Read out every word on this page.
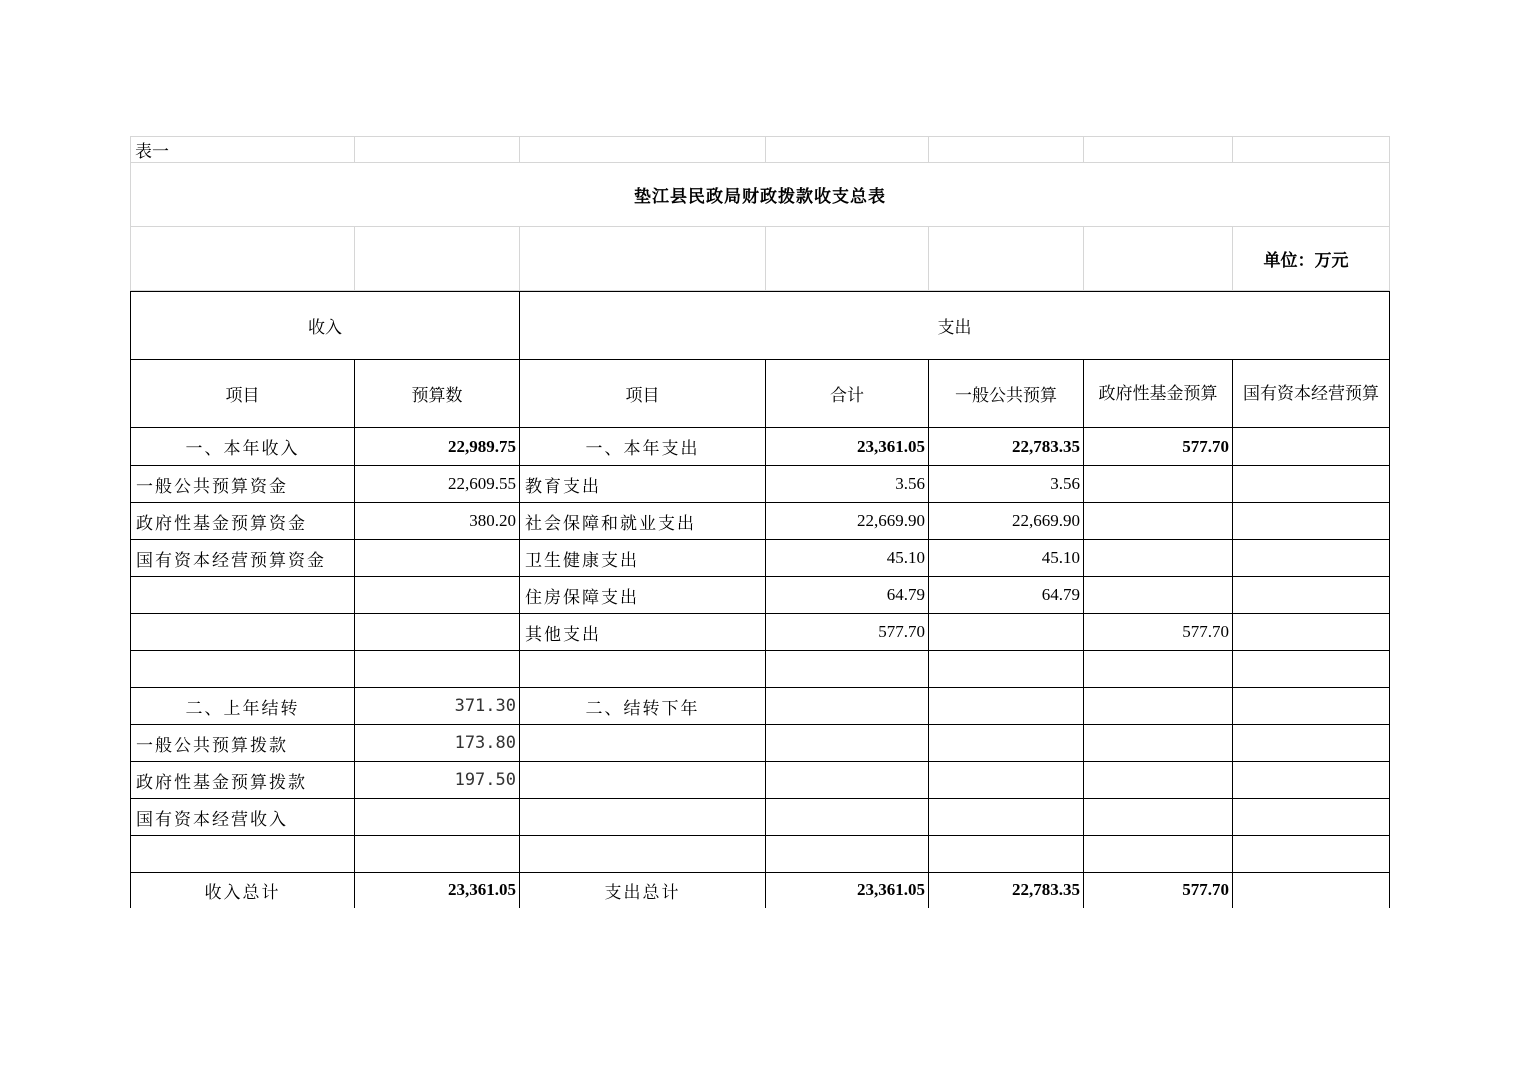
表一						
垫江县民政局财政拨款收支总表						
						单位：万元
收入		支出				
项目	预算数	项目	合计	一般公共预算	政府性基金预算	国有资本经营预算
一、本年收入	22,989.75	一、本年支出	23,361.05	22,783.35	577.70	
一般公共预算资金	22,609.55	教育支出	3.56	3.56		
政府性基金预算资金	380.20	社会保障和就业支出	22,669.90	22,669.90		
国有资本经营预算资金		卫生健康支出	45.10	45.10		
		住房保障支出	64.79	64.79		
		其他支出	577.70		577.70	

二、上年结转	371.30	二、结转下年				
一般公共预算拨款	173.80					
政府性基金预算拨款	197.50					
国有资本经营收入						

收入总计	23,361.05	支出总计	23,361.05	22,783.35	577.70	
